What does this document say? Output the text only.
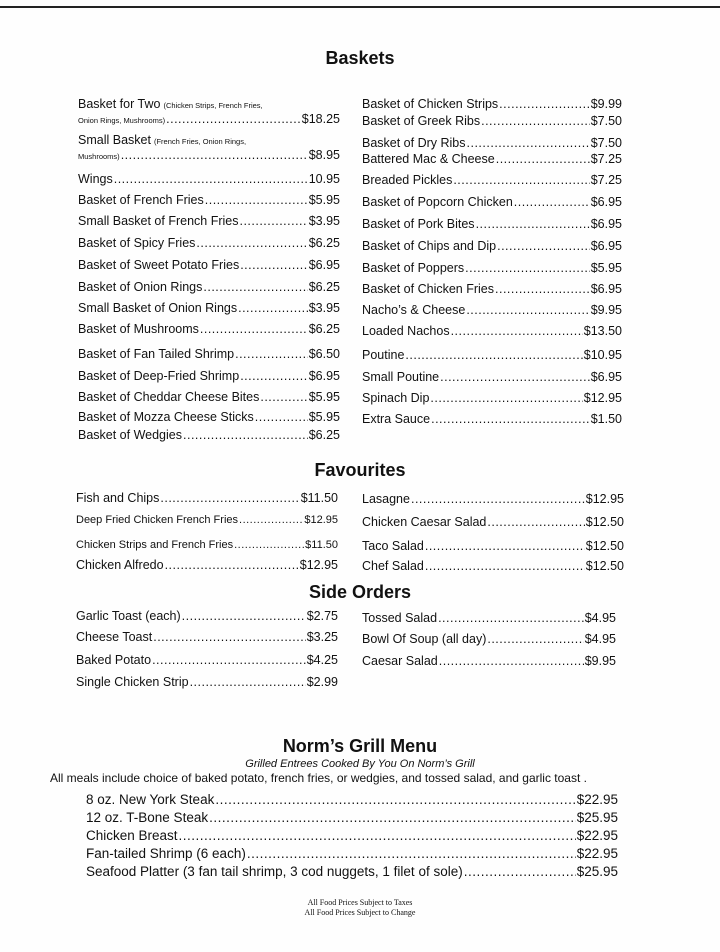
Baskets
Favourites
Side Orders
Norm’s Grill Menu
Basket for Two (Chicken Strips, French Fries,
Onion Rings, Mushrooms) .....	$18.25
Small Basket (French Fries, Onion Rings,
Mushrooms) .....	$8.95
Wings .....	10.95
Basket of French Fries .....	$5.95
Small Basket of French Fries .....	$3.95
Basket of Spicy Fries .....	$6.25
Basket of Sweet Potato Fries .....	$6.95
Basket of Onion Rings .....	$6.25
Small Basket of Onion Rings .....	$3.95
Basket of Mushrooms .....	$6.25
Basket of Fan Tailed Shrimp .....	$6.50
Basket of Deep-Fried Shrimp .....	$6.95
Basket of Cheddar Cheese Bites .....	$5.95
Basket of Mozza Cheese Sticks .....	$5.95
Basket of Wedgies .....	$6.25
Basket of Chicken Strips .....	$9.99
Basket of Greek Ribs .....	$7.50
Basket of Dry Ribs .....	$7.50
Battered Mac & Cheese .....	$7.25
Breaded Pickles .....	$7.25
Basket of Popcorn Chicken .....	$6.95
Basket of Pork Bites .....	$6.95
Basket of Chips and Dip .....	$6.95
Basket of Poppers .....	$5.95
Basket of Chicken Fries .....	$6.95
Nacho’s & Cheese .....	$9.95
Loaded Nachos .....	$13.50
Poutine .....	$10.95
Small Poutine .....	$6.95
Spinach Dip .....	$12.95
Extra Sauce .....	$1.50
Fish and Chips .....	$11.50
Deep Fried Chicken French Fries .....	$12.95
Chicken Strips and French Fries .....	$11.50
Chicken Alfredo .....	$12.95
Lasagne .....	$12.95
Chicken Caesar Salad .....	$12.50
Taco Salad .....	$12.50
Chef Salad .....	$12.50
Garlic Toast (each) .....	$2.75
Cheese Toast .....	$3.25
Baked Potato .....	$4.25
Single Chicken Strip .....	$2.99
Tossed Salad .....	$4.95
Bowl Of Soup (all day) .....	$4.95
Caesar Salad .....	$9.95
8 oz. New York Steak .....	$22.95
12 oz. T-Bone Steak .....	$25.95
Chicken Breast .....	$22.95
Fan-tailed Shrimp (6 each) .....	$22.95
Seafood Platter (3 fan tail shrimp, 3 cod nuggets, 1 filet of sole) .....	$25.95
Grilled Entrees Cooked By You On Norm’s Grill
All meals include choice of baked potato, french fries, or wedgies, and tossed salad, and garlic toast .
All Food Prices Subject to Taxes
All Food Prices Subject to Change
